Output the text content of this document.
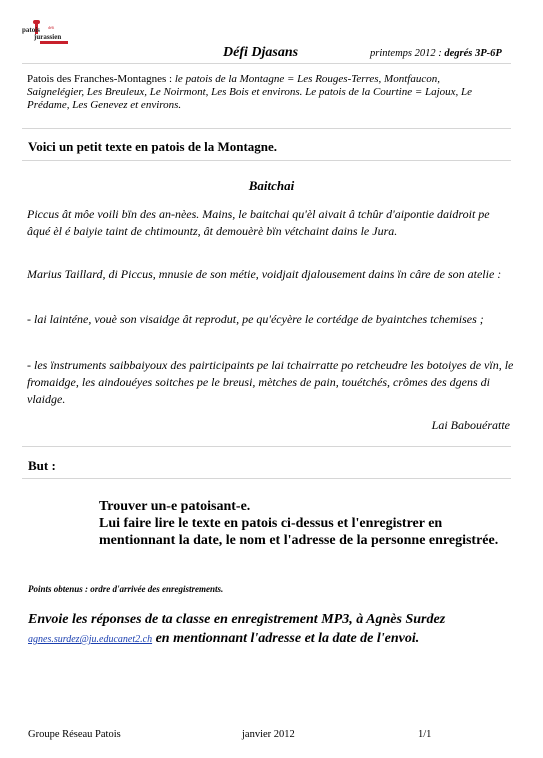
patois défi
jurassien
Défi Djasans	printemps 2012 : degrés 3P-6P
Patois des Franches-Montagnes : le patois de la Montagne = Les Rouges-Terres, Montfaucon, Saignelégier, Les Breuleux, Le Noirmont, Les Bois et environs. Le patois de la Courtine = Lajoux, Le Prédame, Les Genevez et environs.
Voici un petit texte en patois de la Montagne.
Baitchai
Piccus ât môe voili bïn des an-nèes. Mains, le baitchai qu'èl aivait â tchûr d'aipontie daidroit pe âqué èl é baiyie taint de chtimountz, ât demouèrè bïn vétchaint dains le Jura.
Marius Taillard, di Piccus, mnusie de son métie, voidjait djalousement dains ïn câre de son atelie :
- lai lainténe, vouè son visaidge ât reprodut, pe qu'écyère le cortédge de byaintches tchemises ;
- les ïnstruments saibbaiyoux des pairticipaints pe lai tchairratte po retcheudre les botoiyes de vïn, le fromaidge, les aindouéyes soitches pe le breusi, mètches de pain, touétchés, crômes des dgens di vlaidge.
Lai Babouératte
But :
Trouver un-e patoisant-e.
Lui faire lire le texte en patois ci-dessus et l'enregistrer en mentionnant la date, le nom et l'adresse de la personne enregistrée.
Points obtenus : ordre d'arrivée des enregistrements.
Envoie les réponses de ta classe en enregistrement MP3, à Agnès Surdez
agnes.surdez@ju.educanet2.ch en mentionnant l'adresse et la date de l'envoi.
Groupe Réseau Patois	janvier 2012	1/1
